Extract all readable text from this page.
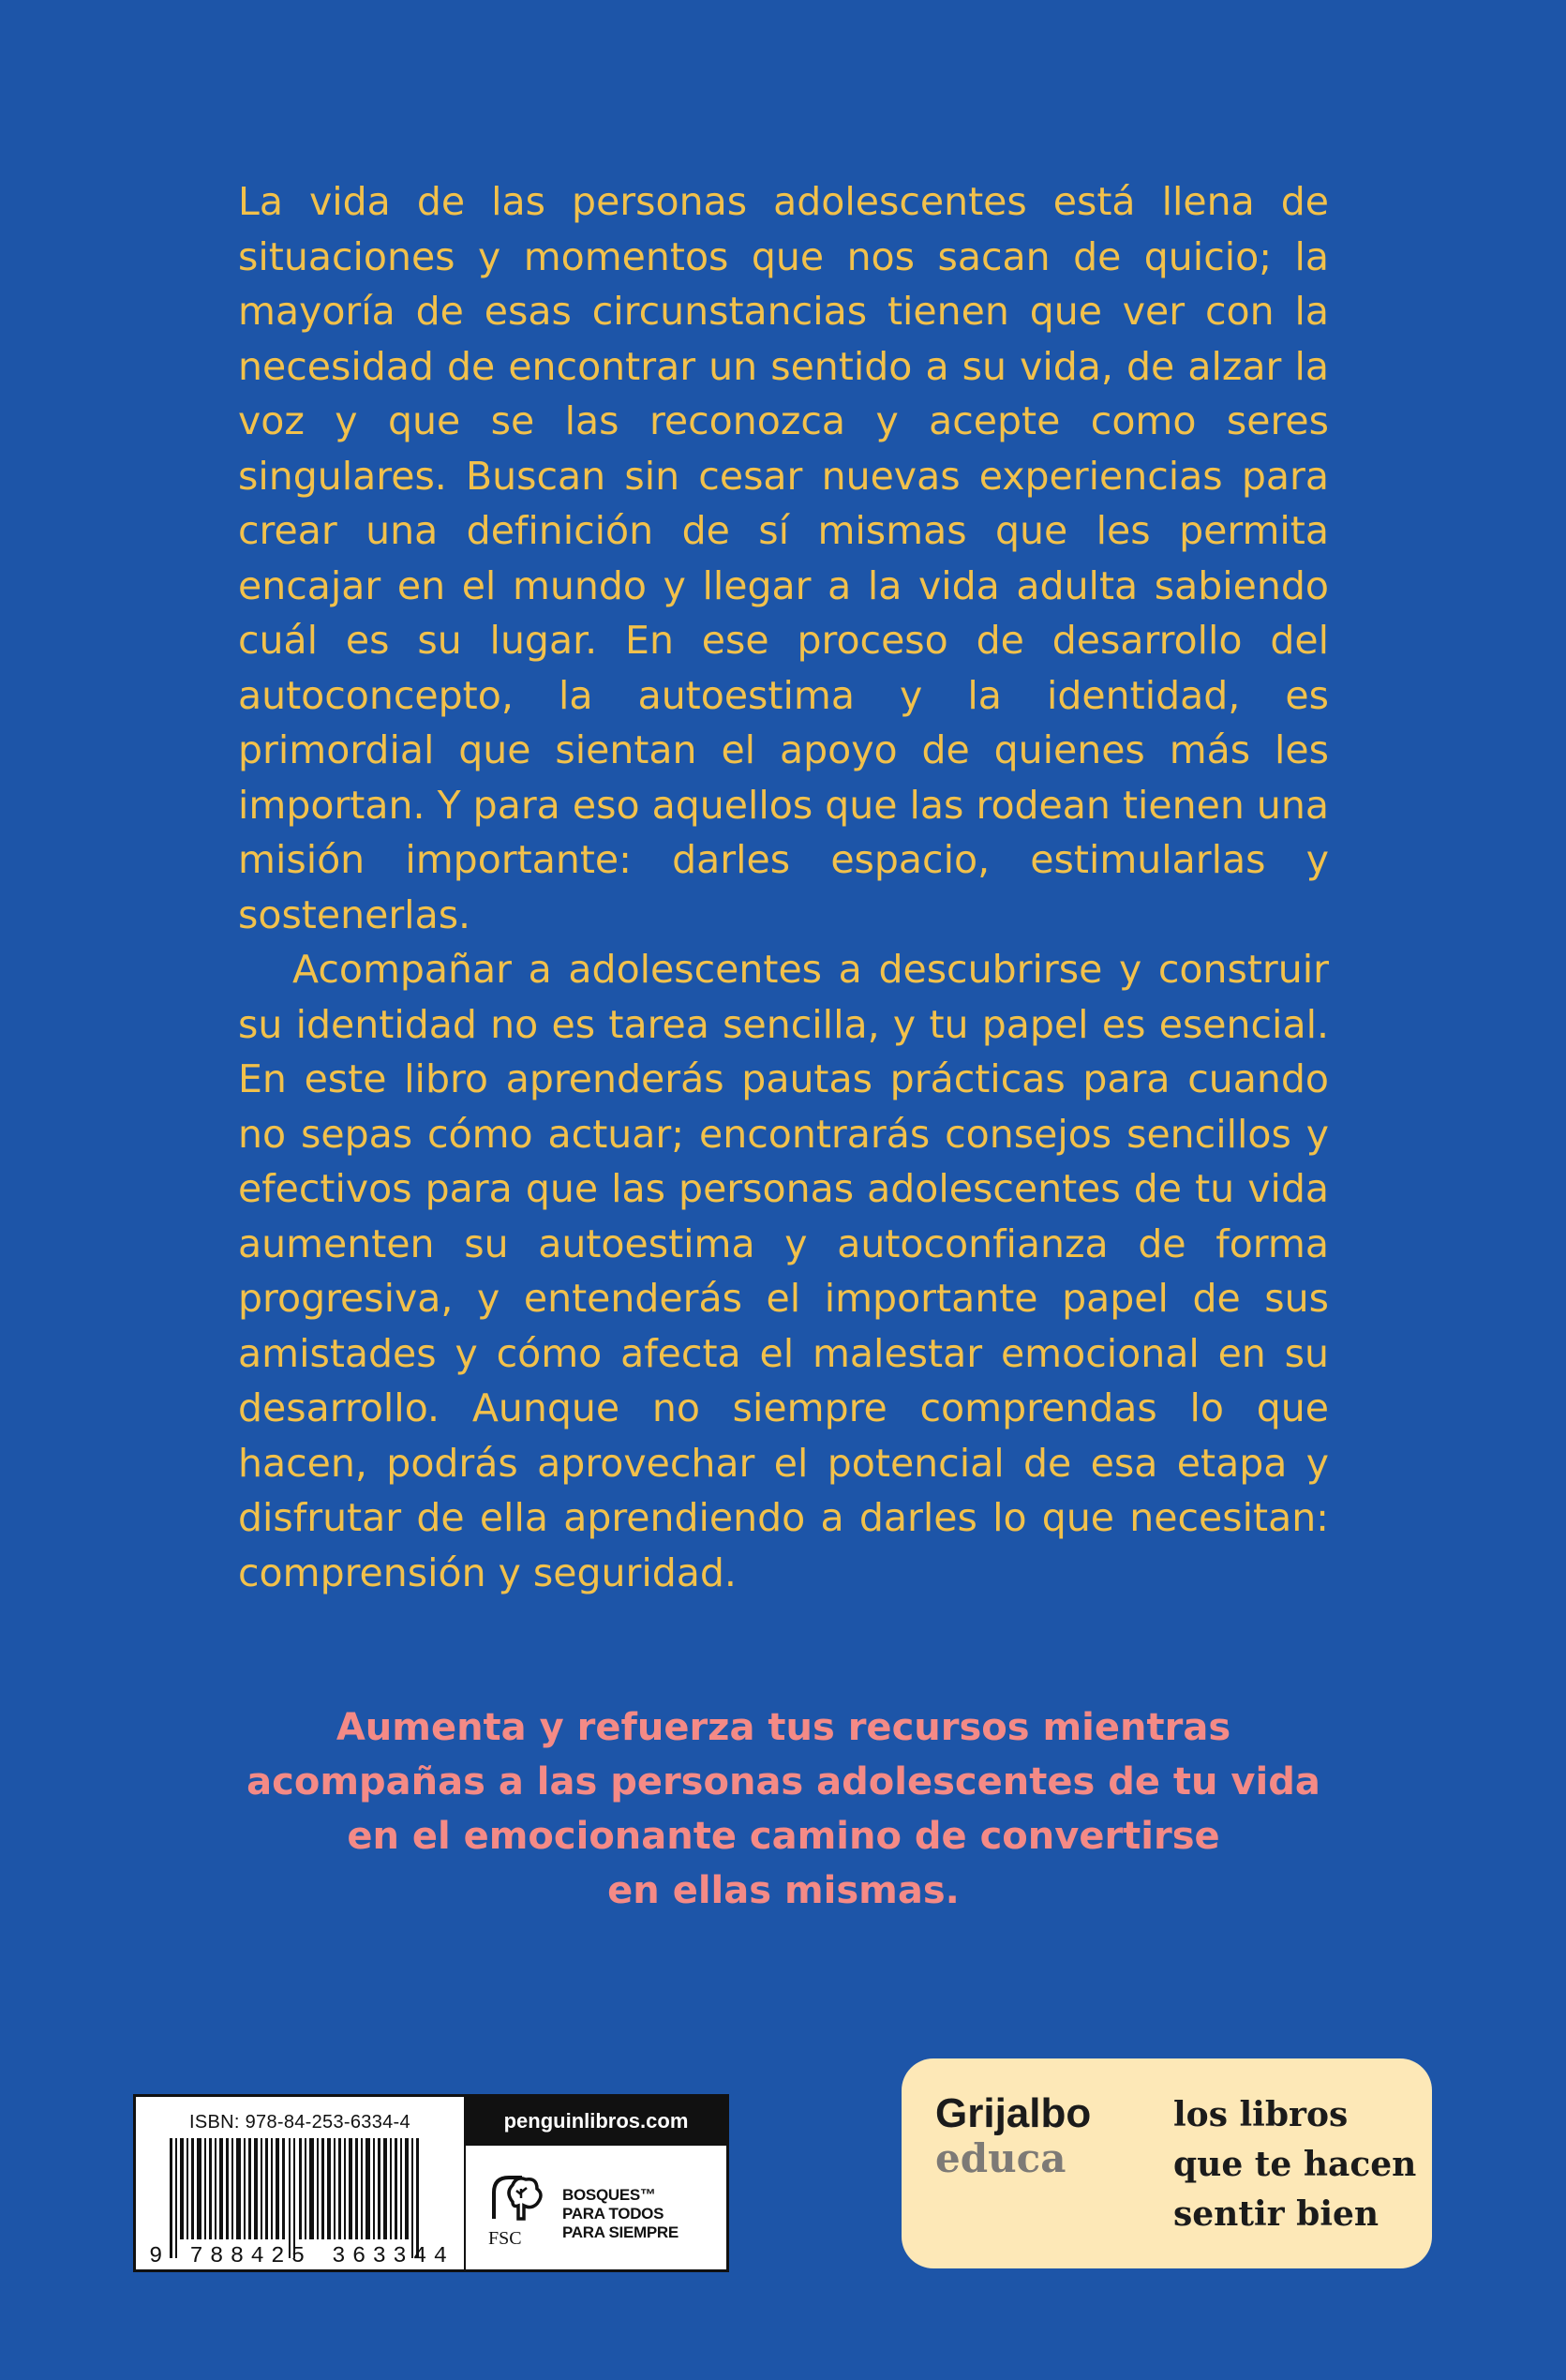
La vida de las personas adolescentes está llena de situaciones y momentos que nos sacan de quicio; la mayoría de esas circunstancias tienen que ver con la necesidad de encontrar un sentido a su vida, de alzar la voz y que se las reconozca y acepte como seres singulares. Buscan sin cesar nuevas experiencias para crear una definición de sí mismas que les permita encajar en el mundo y llegar a la vida adulta sabiendo cuál es su lugar. En ese proceso de desarrollo del autoconcepto, la autoestima y la identidad, es primordial que sientan el apoyo de quienes más les importan. Y para eso aquellos que las rodean tienen una misión importante: darles espacio, estimularlas y sostenerlas.

Acompañar a adolescentes a descubrirse y construir su identidad no es tarea sencilla, y tu papel es esencial. En este libro aprenderás pautas prácticas para cuando no sepas cómo actuar; encontrarás consejos sencillos y efectivos para que las personas adolescentes de tu vida aumenten su autoestima y autoconfianza de forma progresiva, y entenderás el importante papel de sus amistades y cómo afecta el malestar emocional en su desarrollo. Aunque no siempre comprendas lo que hacen, podrás aprovechar el potencial de esa etapa y disfrutar de ella aprendiendo a darles lo que necesitan: comprensión y seguridad.

Aumenta y refuerza tus recursos mientras
acompañas a las personas adolescentes de tu vida
en el emocionante camino de convertirse
en ellas mismas.
ISBN: 978-84-253-6334-4
9 788425 363344
penguinlibros.com
FSC
BOSQUES™
PARA TODOS
PARA SIEMPRE
Grijalbo
educa
los libros
que te hacen
sentir bien
